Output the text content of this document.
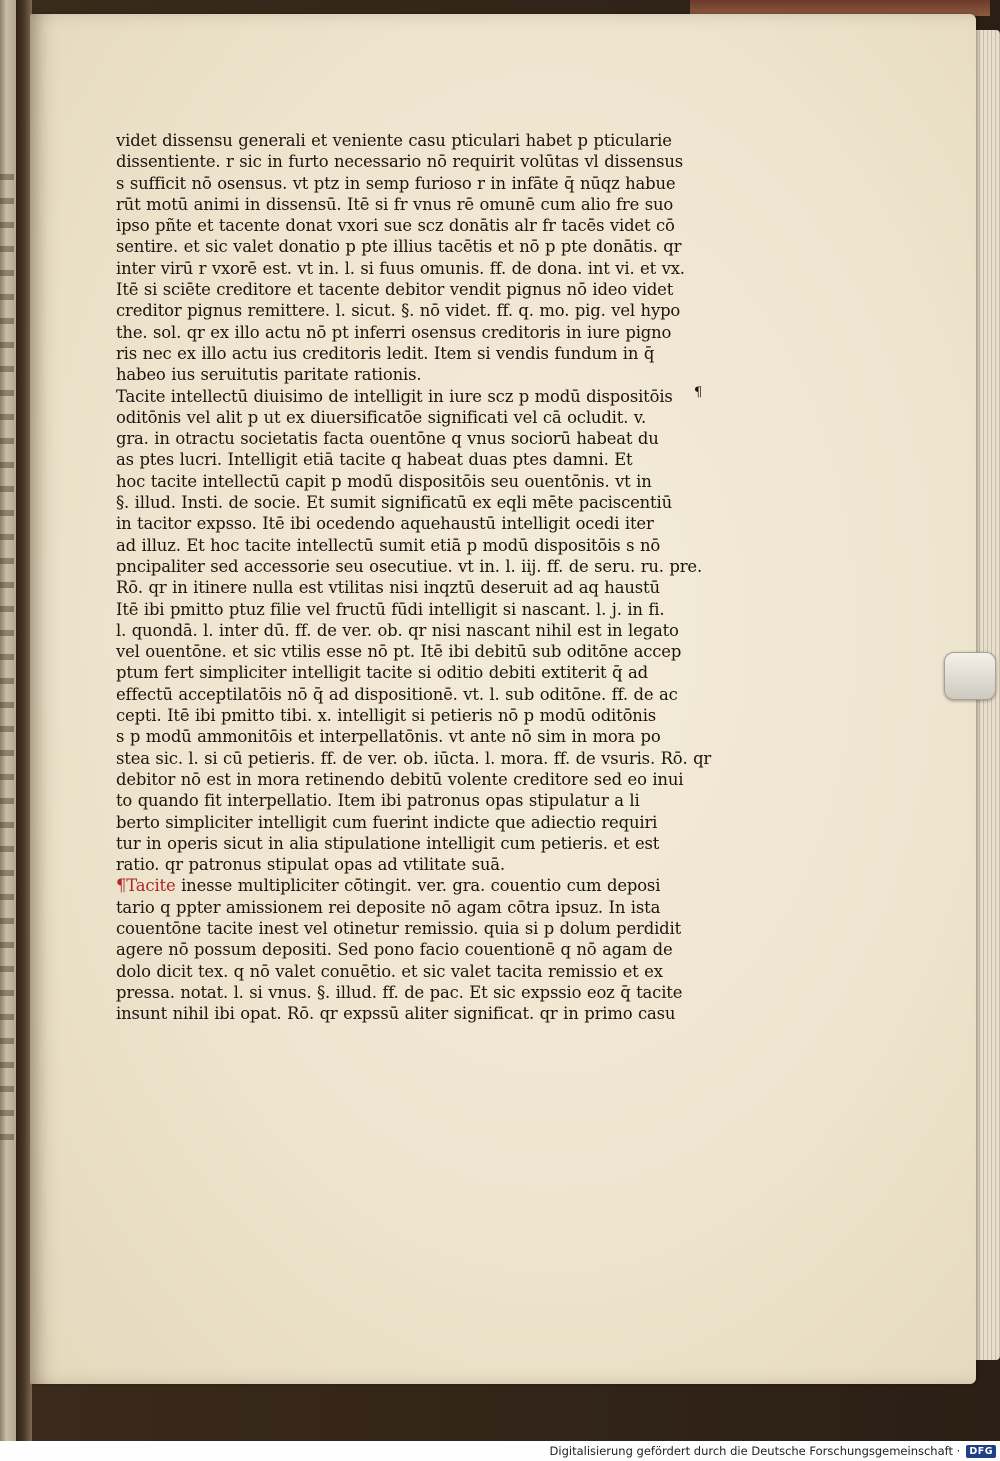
videt dissensu generali et veniente casu pticulari habet p pticularie
dissentiente. r sic in furto necessario nō requirit volūtas vl dissensus
s sufficit nō osensus. vt ptz in semp furioso r in infāte q̄ nūqz habue
rūt motū animi in dissensū. Itē si fr vnus rē omunē cum alio fre suo
ipso pñte et tacente donat vxori sue scz donātis alr fr tacēs videt cō
sentire. et sic valet donatio p pte illius tacētis et nō p pte donātis. qr
inter virū r vxorē est. vt in. l. si fuus omunis. ff. de dona. int vi. et vx.
Itē si sciēte creditore et tacente debitor vendit pignus nō ideo videt
creditor pignus remittere. l. sicut. §. nō videt. ff. q. mo. pig. vel hypo
the. sol. qr ex illo actu nō pt inferri osensus creditoris in iure pigno
ris nec ex illo actu ius creditoris ledit. Item si vendis fundum in q̄
habeo ius seruitutis paritate rationis.
Tacite intellectū diuisimo de intelligit in iure scz p modū dispositōis
oditōnis vel alit p ut ex diuersificatōe significati vel cā ocludit. v.
gra. in otractu societatis facta ouentōne q vnus sociorū habeat du
as ptes lucri. Intelligit etiā tacite q habeat duas ptes damni. Et
hoc tacite intellectū capit p modū dispositōis seu ouentōnis. vt in
§. illud. Insti. de socie. Et sumit significatū ex eqli mēte paciscentiū
in tacitor expsso. Itē ibi ocedendo aquehaustū intelligit ocedi iter
ad illuz. Et hoc tacite intellectū sumit etiā p modū dispositōis s nō
pncipaliter sed accessorie seu osecutiue. vt in. l. iij. ff. de seru. ru. pre.
Rō. qr in itinere nulla est vtilitas nisi inqztū deseruit ad aq haustū
Itē ibi pmitto ptuz filie vel fructū fūdi intelligit si nascant. l. j. in fi.
l. quondā. l. inter dū. ff. de ver. ob. qr nisi nascant nihil est in legato
vel ouentōne. et sic vtilis esse nō pt. Itē ibi debitū sub oditōne accep
ptum fert simpliciter intelligit tacite si oditio debiti extiterit q̄ ad
effectū acceptilatōis nō q̄ ad dispositionē. vt. l. sub oditōne. ff. de ac
cepti. Itē ibi pmitto tibi. x. intelligit si petieris nō p modū oditōnis
s p modū ammonitōis et interpellatōnis. vt ante nō sim in mora po
stea sic. l. si cū petieris. ff. de ver. ob. iūcta. l. mora. ff. de vsuris. Rō. qr
debitor nō est in mora retinendo debitū volente creditore sed eo inui
to quando fit interpellatio. Item ibi patronus opas stipulatur a li
berto simpliciter intelligit cum fuerint indicte que adiectio requiri
tur in operis sicut in alia stipulatione intelligit cum petieris. et est
ratio. qr patronus stipulat opas ad vtilitate suā.
¶Tacite inesse multipliciter cōtingit. ver. gra. couentio cum deposi
tario q ppter amissionem rei deposite nō agam cōtra ipsuz. In ista
couentōne tacite inest vel otinetur remissio. quia si p dolum perdidit
agere nō possum depositi. Sed pono facio couentionē q nō agam de
dolo dicit tex. q nō valet conuētio. et sic valet tacita remissio et ex
pressa. notat. l. si vnus. §. illud. ff. de pac. Et sic expssio eoz q̄ tacite
insunt nihil ibi opat. Rō. qr expssū aliter significat. qr in primo casu
¶
Digitalisierung gefördert durch die Deutsche Forschungsgemeinschaft · DFG
